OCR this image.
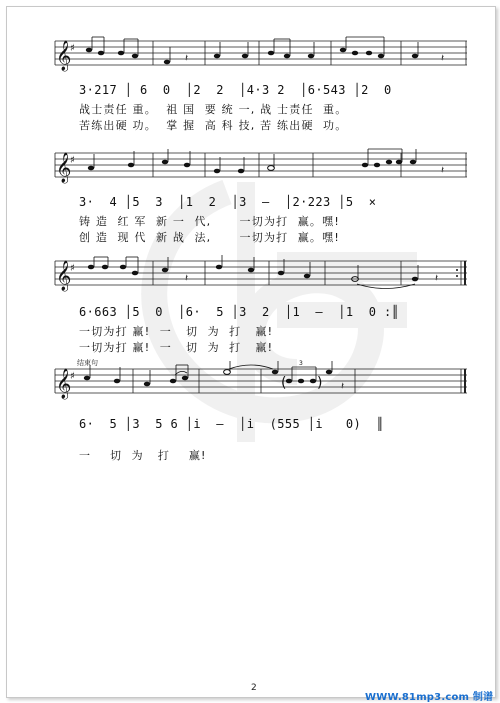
𝄞
♯
𝄽	𝄽
3·217 │ 6  0  │2  2  │4·3 2  │6·543 │2  0
战士责任 重。  祖 国  要 统 一, 战 士责任  重。
苦练出硬 功。  掌 握  高 科 技, 苦 练出硬  功。
𝄞
♯
𝄽
3·  4 │5  3  │1  2  │3  –  │2·223 │5  ×
铸 造  红 军  新 一  代,      一切为打  赢。嘿!
创 造  现 代  新 战  法,      一切为打  赢。嘿!
𝄞
♯
𝄽	𝄽
6·663 │5  0  │6·  5 │3  2  │1  –  │1  0 :║
一切为打 赢!  一   切  为  打   赢!
一切为打 赢!  一   切  为  打   赢!
结束句
𝄞
♯	( )
3
𝄽
6·  5 │3  5 6 │i̇  –  │i̇  (555 │i̇   0)  ║
一    切  为   打    赢!
2
WWW.81mp3.com 制谱
